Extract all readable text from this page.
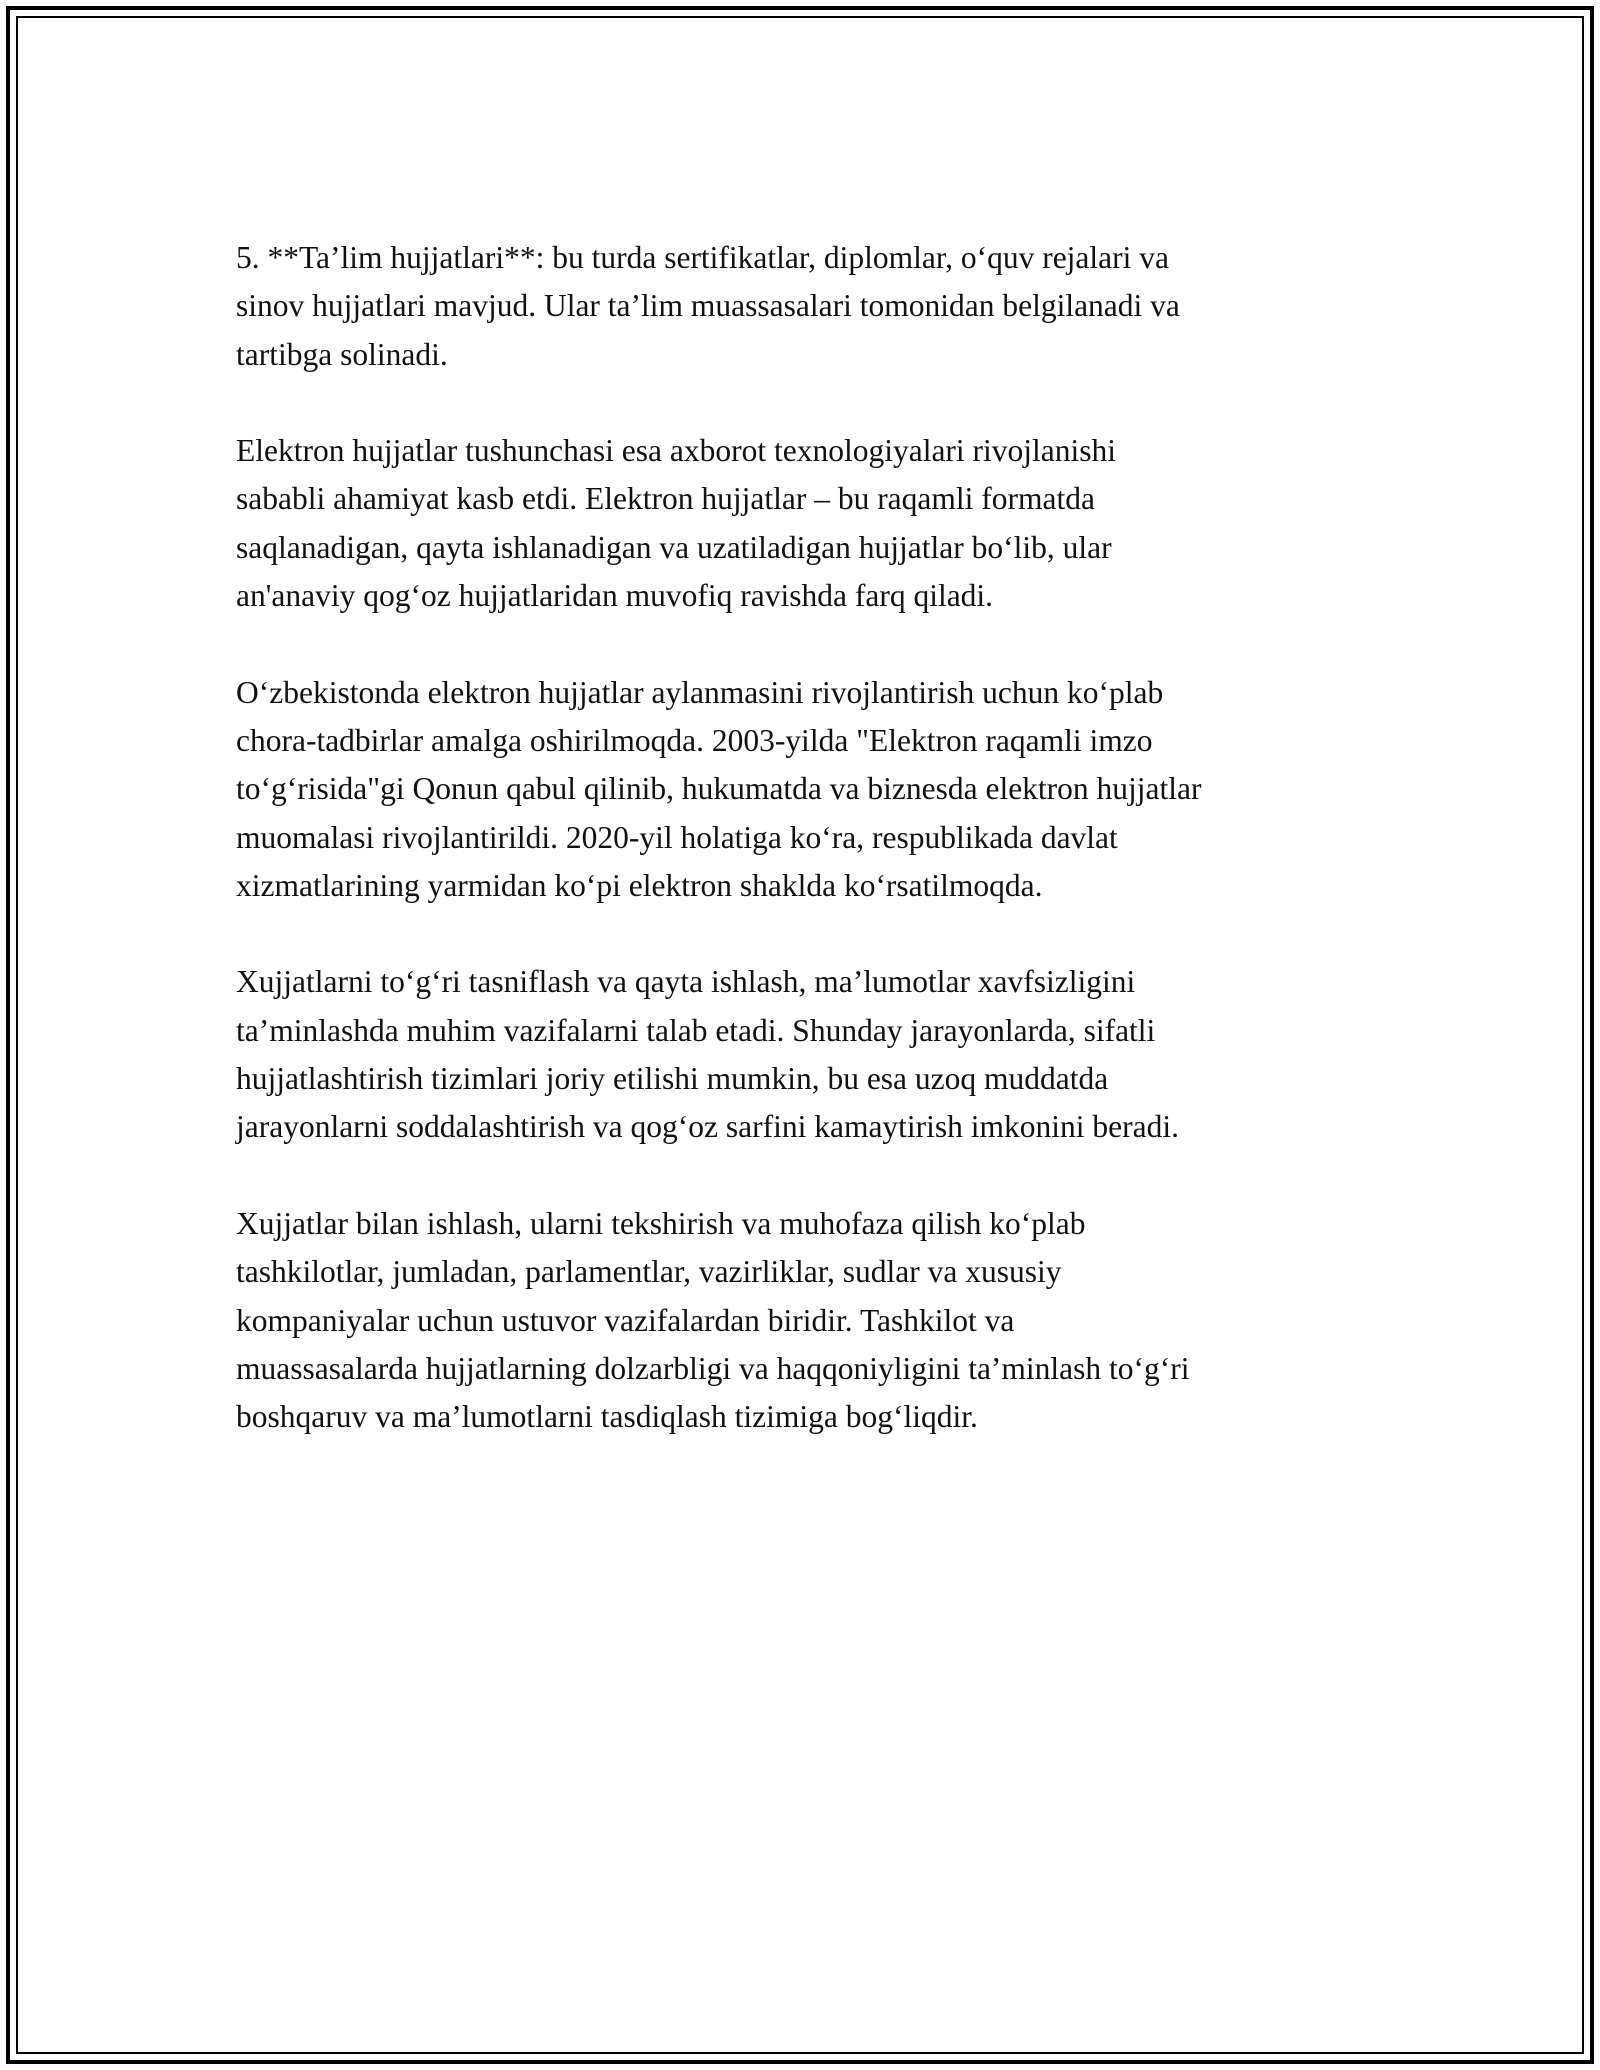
5. **Ta’lim hujjatlari**: bu turda sertifikatlar, diplomlar, o‘quv rejalari va
sinov hujjatlari mavjud. Ular ta’lim muassasalari tomonidan belgilanadi va
tartibga solinadi.

Elektron hujjatlar tushunchasi esa axborot texnologiyalari rivojlanishi
sababli ahamiyat kasb etdi. Elektron hujjatlar – bu raqamli formatda
saqlanadigan, qayta ishlanadigan va uzatiladigan hujjatlar bo‘lib, ular
an'anaviy qog‘oz hujjatlaridan muvofiq ravishda farq qiladi.

O‘zbekistonda elektron hujjatlar aylanmasini rivojlantirish uchun ko‘plab
chora-tadbirlar amalga oshirilmoqda. 2003-yilda "Elektron raqamli imzo
to‘g‘risida"gi Qonun qabul qilinib, hukumatda va biznesda elektron hujjatlar
muomalasi rivojlantirildi. 2020-yil holatiga ko‘ra, respublikada davlat
xizmatlarining yarmidan ko‘pi elektron shaklda ko‘rsatilmoqda.

Xujjatlarni to‘g‘ri tasniflash va qayta ishlash, ma’lumotlar xavfsizligini
ta’minlashda muhim vazifalarni talab etadi. Shunday jarayonlarda, sifatli
hujjatlashtirish tizimlari joriy etilishi mumkin, bu esa uzoq muddatda
jarayonlarni soddalashtirish va qog‘oz sarfini kamaytirish imkonini beradi.

Xujjatlar bilan ishlash, ularni tekshirish va muhofaza qilish ko‘plab
tashkilotlar, jumladan, parlamentlar, vazirliklar, sudlar va xususiy
kompaniyalar uchun ustuvor vazifalardan biridir. Tashkilot va
muassasalarda hujjatlarning dolzarbligi va haqqoniyligini ta’minlash to‘g‘ri
boshqaruv va ma’lumotlarni tasdiqlash tizimiga bog‘liqdir.
